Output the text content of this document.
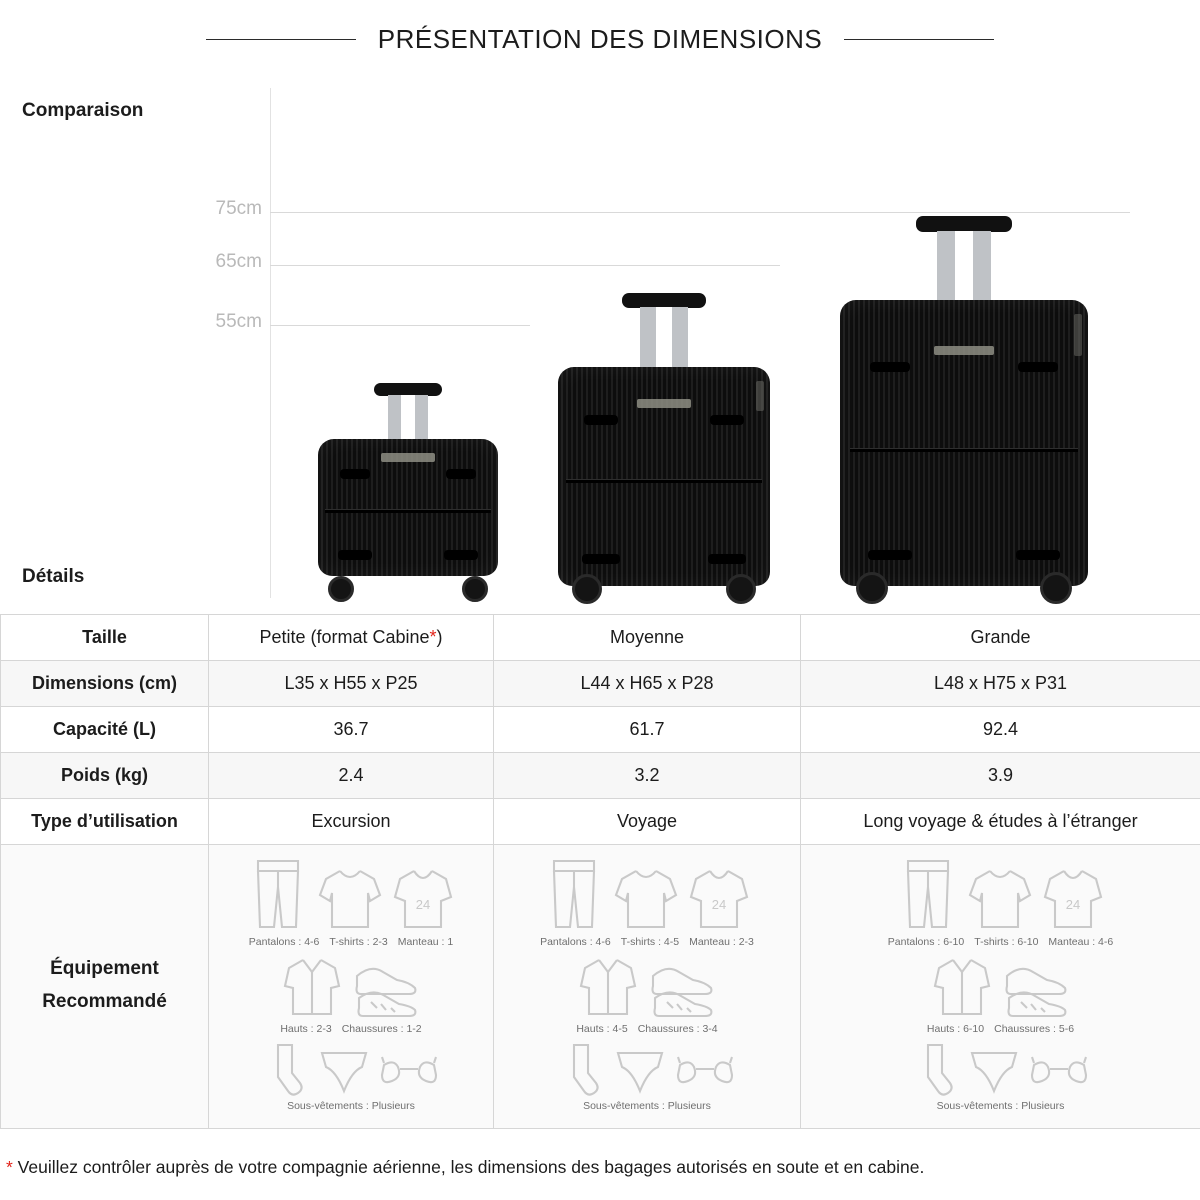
PRÉSENTATION DES DIMENSIONS
Comparaison
Détails
75cm
65cm
55cm
Taille	Petite (format Cabine*)	Moyenne	Grande
Dimensions (cm)	L35 x H55 x P25	L44 x H65 x P28	L48 x H75 x P31
Capacité (L)	36.7	61.7	92.4
Poids (kg)	2.4	3.2	3.9
Type d’utilisation	Excursion	Voyage	Long voyage & études à l’étranger

Équipement
Recommandé

24
Pantalons : 4-6 T-shirts : 2-3 Manteau : 1
Hauts : 2-3 Chaussures : 1-2
Sous-vêtements : Plusieurs

24
Pantalons : 4-6 T-shirts : 4-5 Manteau : 2-3
Hauts : 4-5 Chaussures : 3-4
Sous-vêtements : Plusieurs

24
Pantalons : 6-10 T-shirts : 6-10 Manteau : 4-6
Hauts : 6-10 Chaussures : 5-6
Sous-vêtements : Plusieurs
* Veuillez contrôler auprès de votre compagnie aérienne, les dimensions des bagages autorisés en soute et en cabine.
